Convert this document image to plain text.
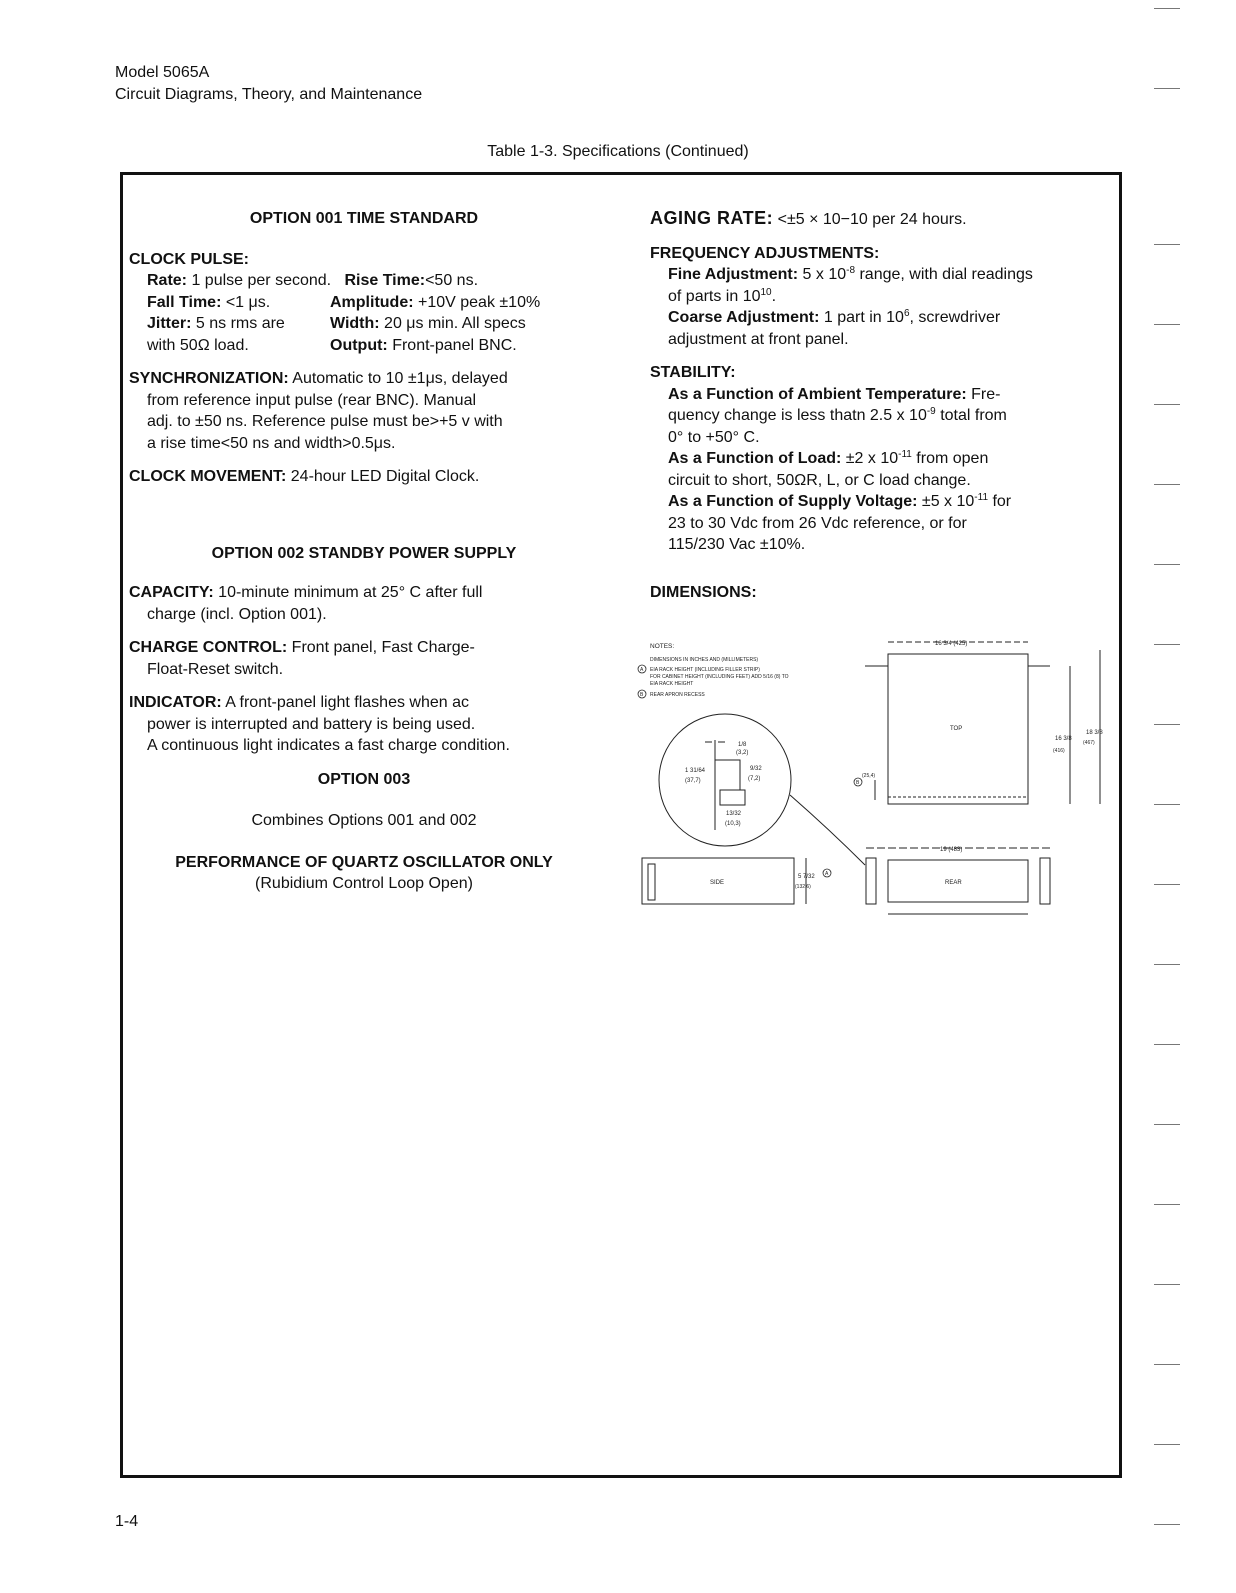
Model 5065A
Circuit Diagrams, Theory, and Maintenance
Table 1-3. Specifications (Continued)
OPTION 001 TIME STANDARD
CLOCK PULSE:
Rate: 1 pulse per second. Rise Time:<50 ns.
Fall Time: <1 μs.	Amplitude: +10V peak ±10%
Jitter: 5 ns rms are	Width: 20 μs min. All specs
with 50Ω load.	Output: Front-panel BNC.
SYNCHRONIZATION: Automatic to 10 ±1μs, delayed
from reference input pulse (rear BNC). Manual
adj. to ±50 ns. Reference pulse must be>+5 v with
a rise time<50 ns and width>0.5μs.
CLOCK MOVEMENT: 24-hour LED Digital Clock.
OPTION 002 STANDBY POWER SUPPLY
CAPACITY: 10-minute minimum at 25° C after full
charge (incl. Option 001).
CHARGE CONTROL: Front panel, Fast Charge-
Float-Reset switch.
INDICATOR: A front-panel light flashes when ac
power is interrupted and battery is being used.
A continuous light indicates a fast charge condition.
OPTION 003
Combines Options 001 and 002
PERFORMANCE OF QUARTZ OSCILLATOR ONLY
(Rubidium Control Loop Open)
AGING RATE: <±5 × 10−10 per 24 hours.
FREQUENCY ADJUSTMENTS:
Fine Adjustment: 5 x $10^{-8}$ range, with dial readings
of parts in $10^{10}$.
Coarse Adjustment: 1 part in $10^6$, screwdriver
adjustment at front panel.
STABILITY:
As a Function of Ambient Temperature: Fre-
quency change is less thatn 2.5 x $10^{-9}$ total from
0° to +50° C.
As a Function of Load: ±2 x $10^{-11}$ from open
circuit to short, 50ΩR, L, or C load change.
As a Function of Supply Voltage: ±5 x $10^{-11}$ for
23 to 30 Vdc from 26 Vdc reference, or for
115/230 Vac ±10%.
DIMENSIONS:
NOTES:
DIMENSIONS IN INCHES AND (MILLIMETERS)
A EIA RACK HEIGHT (INCLUDING FILLER STRIP)
FOR CABINET HEIGHT (INCLUDING FEET) ADD 5/16 (8) TO
EIA RACK HEIGHT
B REAR APRON RECESS
1/8
(3,2)
9/32
(7,2)
1 31/64
(37,7)
13/32
(10,3)
TOP
16 3/4 (425)
16 3/8
(416)
18 3/8
(467)
(25,4)
B
SIDE
5 7/32
(132,6)
A
REAR
19 (483)
1-4
